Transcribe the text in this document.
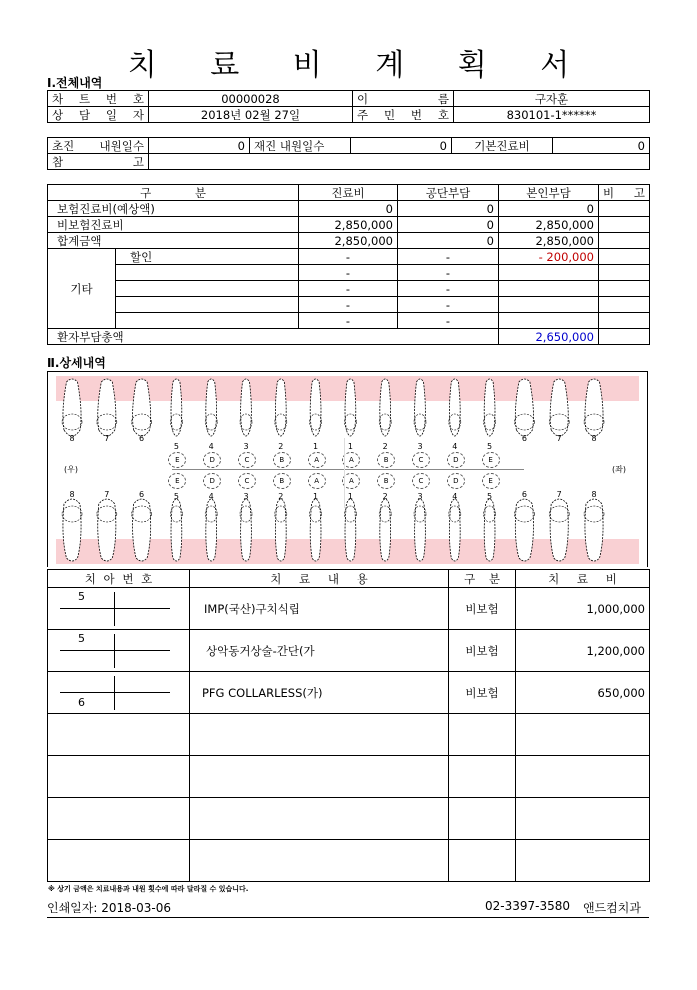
치 료 비 계 획 서
Ⅰ.전체내역
차 트 번 호	00000028	이 름	구자훈
상 담 일 자	2018년 02월 27일	주 민 번 호	830101-1******
초진 내원일수	0	재진 내원일수	0	기본진료비	0
참 고					
구 분		진료비	공단부담	본인부담	비 고
보험진료비(예상액)		0	0	0	
비보험진료비		2,850,000	0	2,850,000	
합계금액		2,850,000	0	2,850,000	
기타	할인	-	-	- 200,000	
		-	-		
		-	-		
		-	-		
		-	-		
환자부담총액				2,650,000	
Ⅱ.상세내역
8	7	6
5	4	3	2	1	1	2	3	4	5
6	7	8
8	7	6	5	4	3	2	1	1	2	3	4	5	6	7	8
E	D	C	B	A	A	B	C	D	E
E	D	C	B	A	A	B	C	D	E
(우)	(좌)
치 아 번 호	치 료 내 용	구 분	치 료 비

5	IMP(국산)구치식립	비보험	1,000,000

5	상악동거상술-간단(가	비보험	1,200,000

6	PFG COLLARLESS(가)	비보험	650,000

※ 상기 금액은 치료내용과 내원 횟수에 따라 달라질 수 있습니다.
인쇄일자: 2018-03-06	02-3397-3580 앤드컴치과
